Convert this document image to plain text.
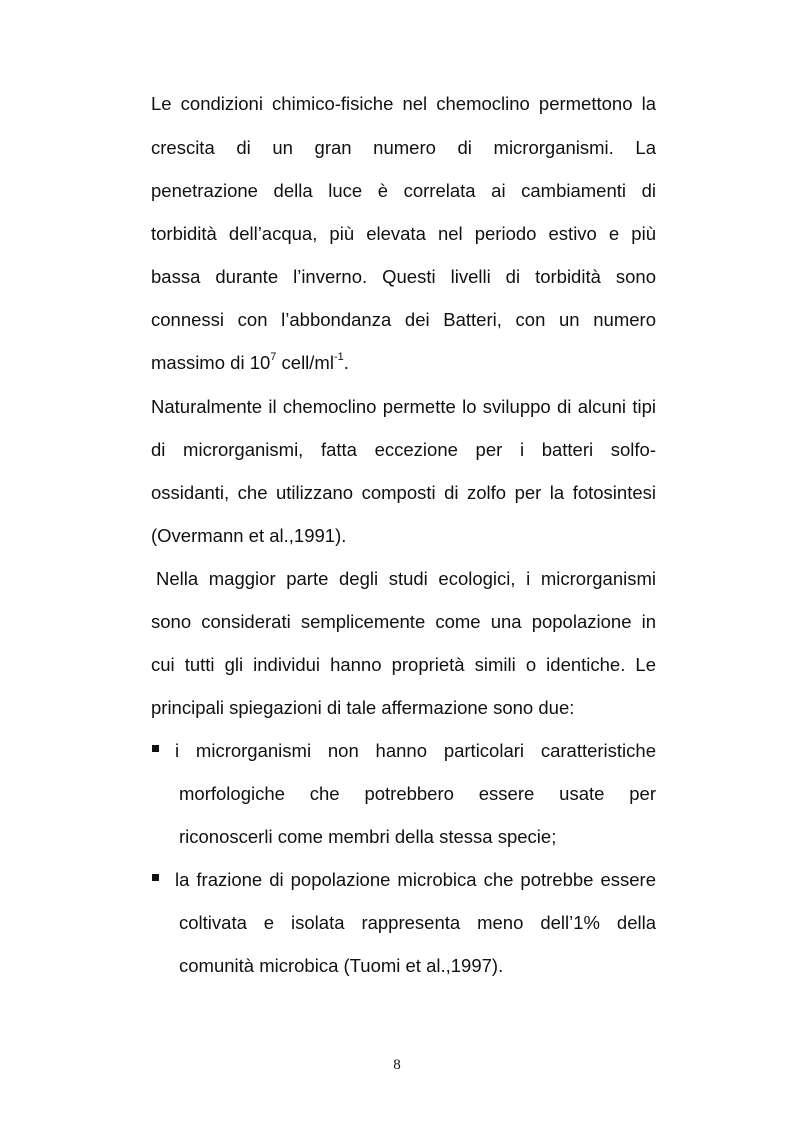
Le condizioni chimico-fisiche nel chemoclino permettono la
crescita di un gran numero di microrganismi. La
penetrazione della luce è correlata ai cambiamenti di
torbidità dell’acqua, più elevata nel periodo estivo e più
bassa durante l’inverno. Questi livelli di torbidità sono
connessi con l’abbondanza dei Batteri, con un numero
massimo di $10^7$ cell/$ml^{-1}$.
Naturalmente il chemoclino permette lo sviluppo di alcuni tipi
di microrganismi, fatta eccezione per i batteri solfo-
ossidanti, che utilizzano composti di zolfo per la fotosintesi
(Overmann et al.,1991).
Nella maggior parte degli studi ecologici, i microrganismi
sono considerati semplicemente come una popolazione in
cui tutti gli individui hanno proprietà simili o identiche. Le
principali spiegazioni di tale affermazione sono due:
i microrganismi non hanno particolari caratteristiche
morfologiche che potrebbero essere usate per
riconoscerli come membri della stessa specie;
la frazione di popolazione microbica che potrebbe essere
coltivata e isolata rappresenta meno dell’1% della
comunità microbica (Tuomi et al.,1997).
8
